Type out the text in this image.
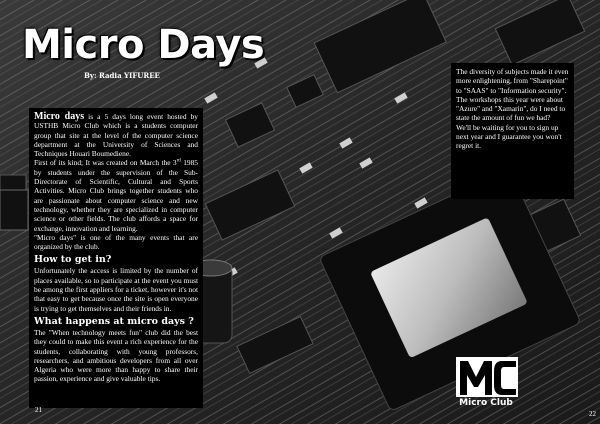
Micro Days

By: Radia YIFUREE

Micro days is a 5 days long event hosted by USTHB Micro Club which is a students computer group that site at the level of the computer science department at the University of Sciences and Techniques Houari Boumediene.

First of its kind; It was created on March the 3rd 1985 by students under the supervision of the Sub-Directorate of Scientific, Cultural and Sports Activities. Micro Club brings together students who are passionate about computer science and new technology, whether they are specialized in computer science or other fields. The club affords a space for exchange, innovation and learning.

"Micro days" is one of the many events that are organized by the club.

How to get in?

Unfortunately the access is limited by the number of places available, so to participate at the event you must be among the first appliers for a ticket, however it's not that easy to get because once the site is open everyone is trying to get themselves and their friends in.

What happens at micro days ?

The "When technology meets fun" club did the best they could to make this event a rich experience for the students, collaborating with young professors, researchers, and ambitious developers from all over Algeria who were more than happy to share their passion, experience and give valuable tips.

The diversity of subjects made it even more enlightening, from "Sharepoint" to "SAAS" to "Information security".

The workshops this year were about "Azure" and "Xamarin", do I need to state the amount of fun we had?

We'll be waiting for you to sign up next year and I guarantee you won't regret it.

Micro Club
21	22
